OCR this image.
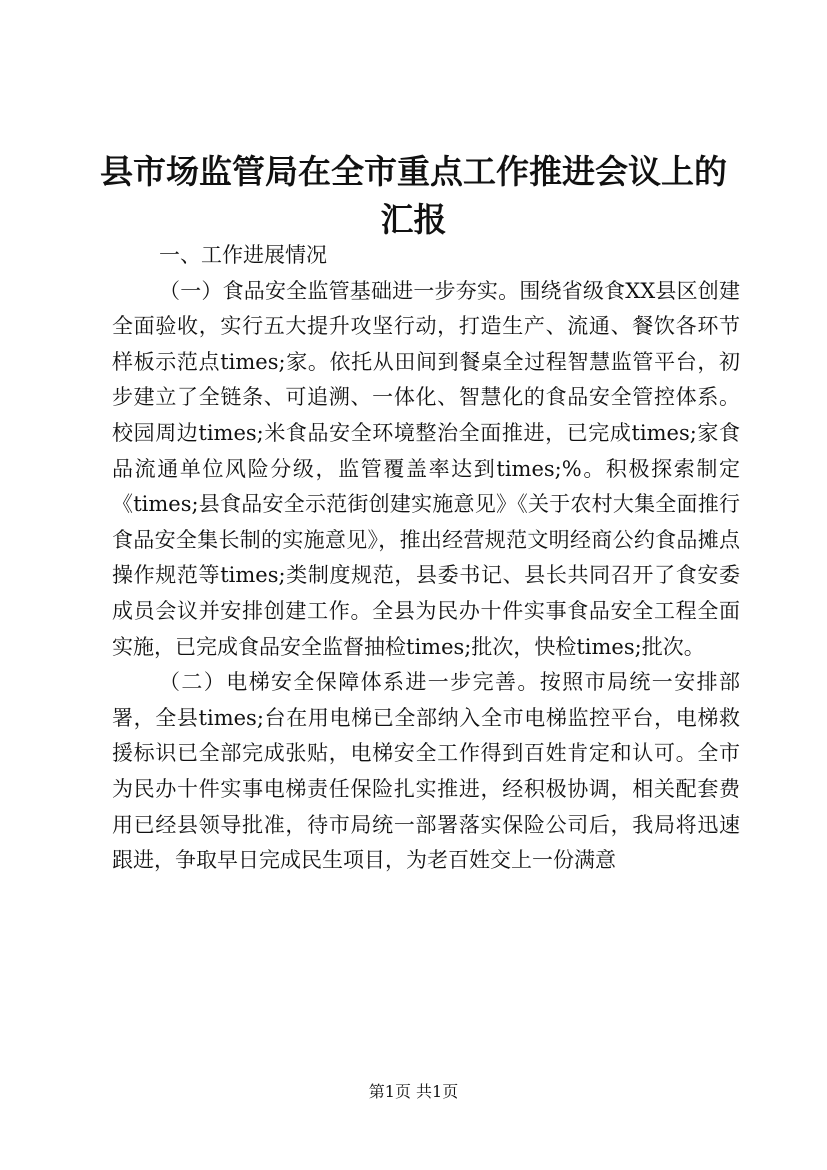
县市场监管局在全市重点工作推进会议上的汇报

一、工作进展情况

（一）食品安全监管基础进一步夯实。围绕省级食XX县区创建全面验收，实行五大提升攻坚行动，打造生产、流通、餐饮各环节样板示范点times;家。依托从田间到餐桌全过程智慧监管平台，初步建立了全链条、可追溯、一体化、智慧化的食品安全管控体系。校园周边times;米食品安全环境整治全面推进，已完成times;家食品流通单位风险分级，监管覆盖率达到times;%。积极探索制定《times;县食品安全示范街创建实施意见》《关于农村大集全面推行食品安全集长制的实施意见》，推出经营规范文明经商公约食品摊点操作规范等times;类制度规范，县委书记、县长共同召开了食安委成员会议并安排创建工作。全县为民办十件实事食品安全工程全面实施，已完成食品安全监督抽检times;批次，快检times;批次。

（二）电梯安全保障体系进一步完善。按照市局统一安排部署，全县times;台在用电梯已全部纳入全市电梯监控平台，电梯救援标识已全部完成张贴，电梯安全工作得到百姓肯定和认可。全市为民办十件实事电梯责任保险扎实推进，经积极协调，相关配套费用已经县领导批准，待市局统一部署落实保险公司后，我局将迅速跟进，争取早日完成民生项目，为老百姓交上一份满意

第1页 共1页
